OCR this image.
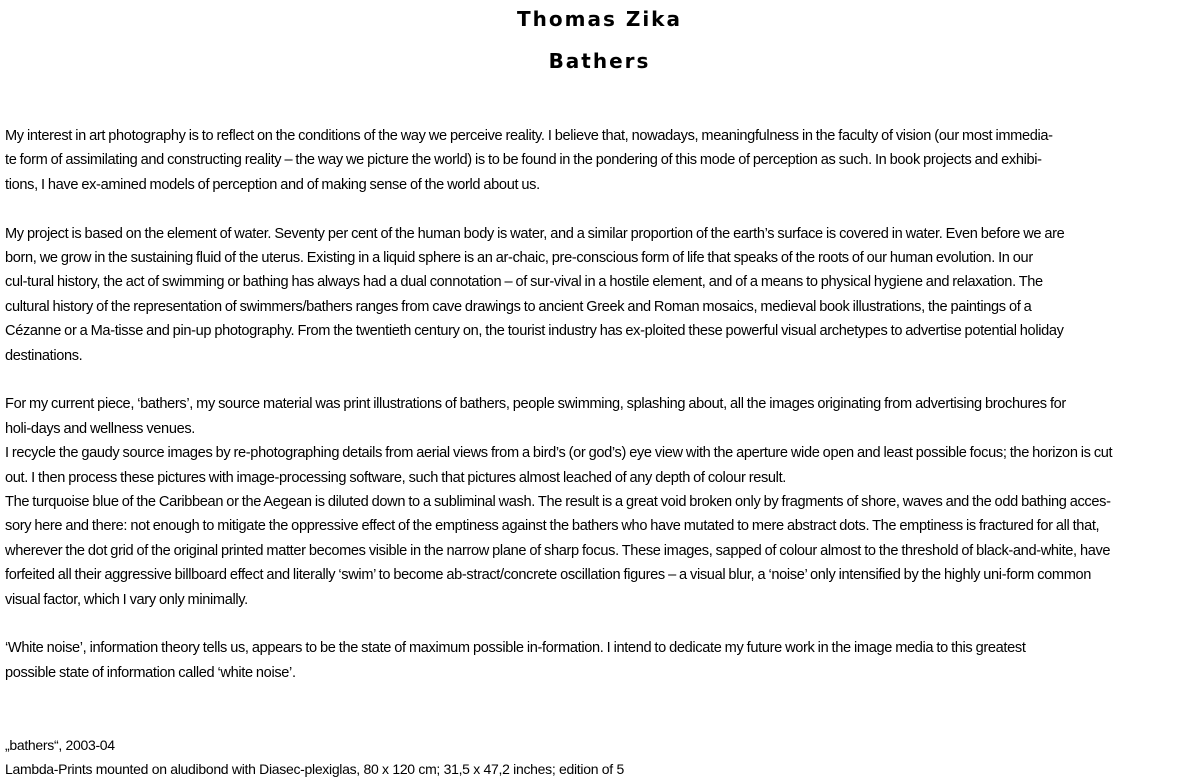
Thomas Zika
Bathers

My interest in art photography is to reflect on the conditions of the way we perceive reality. I believe that, nowadays, meaningfulness in the faculty of vision (our most immedia-
te form of assimilating and constructing reality – the way we picture the world) is to be found in the pondering of this mode of perception as such. In book projects and exhibi-
tions, I have ex-amined models of perception and of making sense of the world about us.

My project is based on the element of water. Seventy per cent of the human body is water, and a similar proportion of the earth’s surface is covered in water. Even before we are
born, we grow in the sustaining fluid of the uterus. Existing in a liquid sphere is an ar-chaic, pre-conscious form of life that speaks of the roots of our human evolution. In our
cul-tural history, the act of swimming or bathing has always had a dual connotation – of sur-vival in a hostile element, and of a means to physical hygiene and relaxation. The
cultural history of the representation of swimmers/bathers ranges from cave drawings to ancient Greek and Roman mosaics, medieval book illustrations, the paintings of a
Cézanne or a Ma-tisse and pin-up photography. From the twentieth century on, the tourist industry has ex-ploited these powerful visual archetypes to advertise potential holiday
destinations.

For my current piece, ‘bathers’, my source material was print illustrations of bathers, people swimming, splashing about, all the images originating from advertising brochures for
holi-days and wellness venues.
I recycle the gaudy source images by re-photographing details from aerial views from a bird’s (or god’s) eye view with the aperture wide open and least possible focus; the horizon is cut
out. I then process these pictures with image-processing software, such that pictures almost leached of any depth of colour result.
The turquoise blue of the Caribbean or the Aegean is diluted down to a subliminal wash. The result is a great void broken only by fragments of shore, waves and the odd bathing acces-
sory here and there: not enough to mitigate the oppressive effect of the emptiness against the bathers who have mutated to mere abstract dots. The emptiness is fractured for all that,
wherever the dot grid of the original printed matter becomes visible in the narrow plane of sharp focus. These images, sapped of colour almost to the threshold of black-and-white, have
forfeited all their aggressive billboard effect and literally ‘swim’ to become ab-stract/concrete oscillation figures – a visual blur, a ‘noise’ only intensified by the highly uni-form common
visual factor, which I vary only minimally.

‘White noise’, information theory tells us, appears to be the state of maximum possible in-formation. I intend to dedicate my future work in the image media to this greatest
possible state of information called ‘white noise’.

„bathers“, 2003-04
Lambda-Prints mounted on aludibond with Diasec-plexiglas, 80 x 120 cm; 31,5 x 47,2 inches; edition of 5
